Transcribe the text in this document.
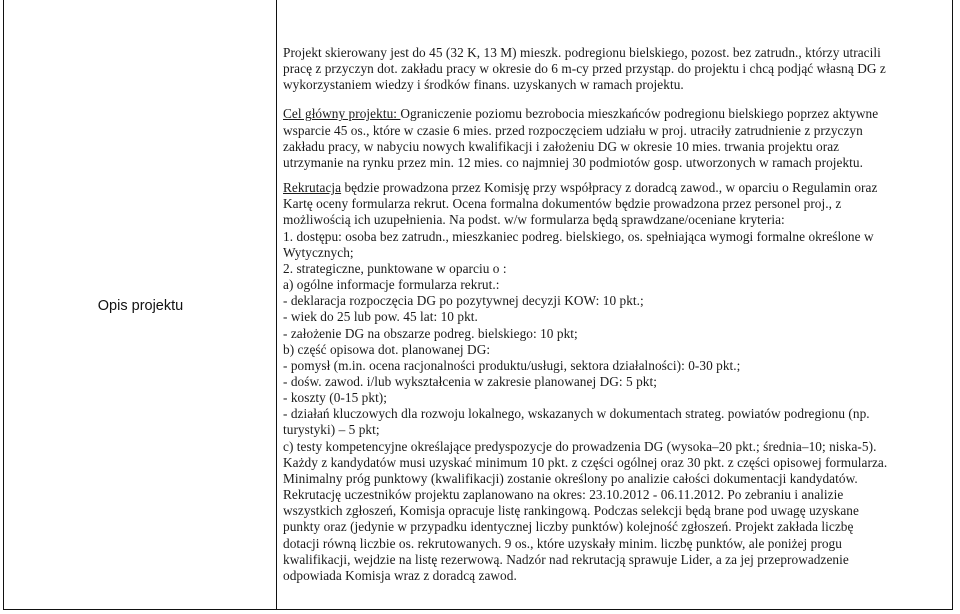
Opis projektu
Projekt skierowany jest do 45 (32 K, 13 M) mieszk. podregionu bielskiego, pozost. bez zatrudn., którzy utracili
pracę z przyczyn dot. zakładu pracy w okresie do 6 m-cy przed przystąp. do projektu i chcą podjąć własną DG z
wykorzystaniem wiedzy i środków finans. uzyskanych w ramach projektu.
Cel główny projektu: Ograniczenie poziomu bezrobocia mieszkańców podregionu bielskiego poprzez aktywne
wsparcie 45 os., które w czasie 6 mies. przed rozpoczęciem udziału w proj. utraciły zatrudnienie z przyczyn
zakładu pracy, w nabyciu nowych kwalifikacji i założeniu DG w okresie 10 mies. trwania projektu oraz
utrzymanie na rynku przez min. 12 mies. co najmniej 30 podmiotów gosp. utworzonych w ramach projektu.
Rekrutacja będzie prowadzona przez Komisję przy współpracy z doradcą zawod., w oparciu o Regulamin oraz
Kartę oceny formularza rekrut. Ocena formalna dokumentów będzie prowadzona przez personel proj., z
możliwością ich uzupełnienia. Na podst. w/w formularza będą sprawdzane/oceniane kryteria:
1. dostępu: osoba bez zatrudn., mieszkaniec podreg. bielskiego, os. spełniająca wymogi formalne określone w
Wytycznych;
2. strategiczne, punktowane w oparciu o :
a) ogólne informacje formularza rekrut.:
- deklaracja rozpoczęcia DG po pozytywnej decyzji KOW: 10 pkt.;
- wiek do 25 lub pow. 45 lat: 10 pkt.
- założenie DG na obszarze podreg. bielskiego: 10 pkt;
b) część opisowa dot. planowanej DG:
- pomysł (m.in. ocena racjonalności produktu/usługi, sektora działalności): 0-30 pkt.;
- dośw. zawod. i/lub wykształcenia w zakresie planowanej DG: 5 pkt;
- koszty (0-15 pkt);
- działań kluczowych dla rozwoju lokalnego, wskazanych w dokumentach strateg. powiatów podregionu (np.
turystyki) – 5 pkt;
c) testy kompetencyjne określające predyspozycje do prowadzenia DG (wysoka–20 pkt.; średnia–10; niska-5).
Każdy z kandydatów musi uzyskać minimum 10 pkt. z części ogólnej oraz 30 pkt. z części opisowej formularza.
Minimalny próg punktowy (kwalifikacji) zostanie określony po analizie całości dokumentacji kandydatów.
Rekrutację uczestników projektu zaplanowano na okres: 23.10.2012 - 06.11.2012. Po zebraniu i analizie
wszystkich zgłoszeń, Komisja opracuje listę rankingową. Podczas selekcji będą brane pod uwagę uzyskane
punkty oraz (jedynie w przypadku identycznej liczby punktów) kolejność zgłoszeń. Projekt zakłada liczbę
dotacji równą liczbie os. rekrutowanych. 9 os., które uzyskały minim. liczbę punktów, ale poniżej progu
kwalifikacji, wejdzie na listę rezerwową. Nadzór nad rekrutacją sprawuje Lider, a za jej przeprowadzenie
odpowiada Komisja wraz z doradcą zawod.
